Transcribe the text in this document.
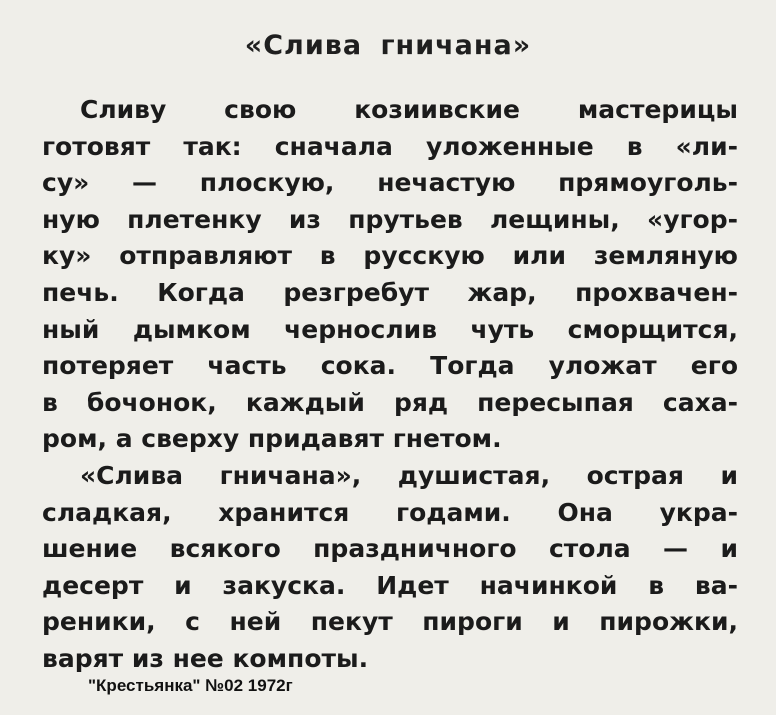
«Слива гничана»
Сливу свою козиивские мастерицы
готовят так: сначала уложенные в «ли-
су» — плоскую, нечастую прямоуголь-
ную плетенку из прутьев лещины, «угор-
ку» отправляют в русскую или земляную
печь. Когда резгребут жар, прохвачен-
ный дымком чернослив чуть сморщится,
потеряет часть сока. Тогда уложат его
в бочонок, каждый ряд пересыпая саха-
ром, а сверху придавят гнетом.
«Слива гничана», душистая, острая и
сладкая, хранится годами. Она укра-
шение всякого праздничного стола — и
десерт и закуска. Идет начинкой в ва-
реники, с ней пекут пироги и пирожки,
варят из нее компоты.
"Крестьянка" №02 1972г
